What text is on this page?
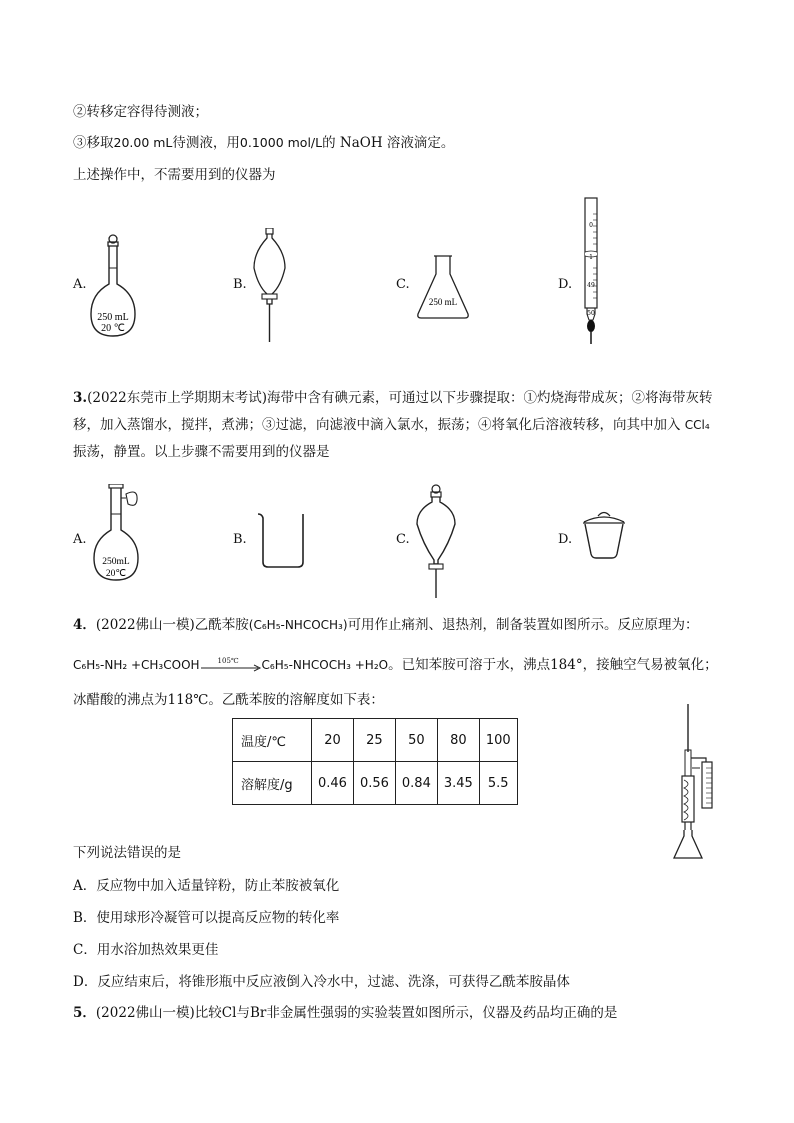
②转移定容得待测液；
③移取20.00 mL待测液，用0.1000 mol/L的 NaOH 溶液滴定。
上述操作中，不需要用到的仪器为
A.
250 mL
20 ℃
B.	C.
250 mL
D.
0
1
49
50
3.(2022东莞市上学期期末考试)海带中含有碘元素，可通过以下步骤提取：①灼烧海带成灰；②将海带灰转
移，加入蒸馏水，搅拌，煮沸；③过滤，向滤液中滴入氯水，振荡；④将氧化后溶液转移，向其中加入 CCl₄
振荡，静置。以上步骤不需要用到的仪器是
A.
250mL
20℃
B.	C.	D.
4．(2022佛山一模)乙酰苯胺(C₆H₅-NHCOCH₃)可用作止痛剂、退热剂，制备装置如图所示。反应原理为：
C₆H₅-NH₂ +CH₃COOH	105℃ C₆H₅-NHCOCH₃ +H₂O。已知苯胺可溶于水，沸点184°，接触空气易被氧化；
冰醋酸的沸点为118℃。乙酰苯胺的溶解度如下表：
温度/℃	20	25	50	80	100
溶解度/g	0.46	0.56	0.84	3.45	5.5
下列说法错误的是
A．反应物中加入适量锌粉，防止苯胺被氧化
B．使用球形冷凝管可以提高反应物的转化率
C．用水浴加热效果更佳
D．反应结束后，将锥形瓶中反应液倒入冷水中，过滤、洗涤，可获得乙酰苯胺晶体
5．(2022佛山一模)比较Cl与Br非金属性强弱的实验装置如图所示，仪器及药品均正确的是
